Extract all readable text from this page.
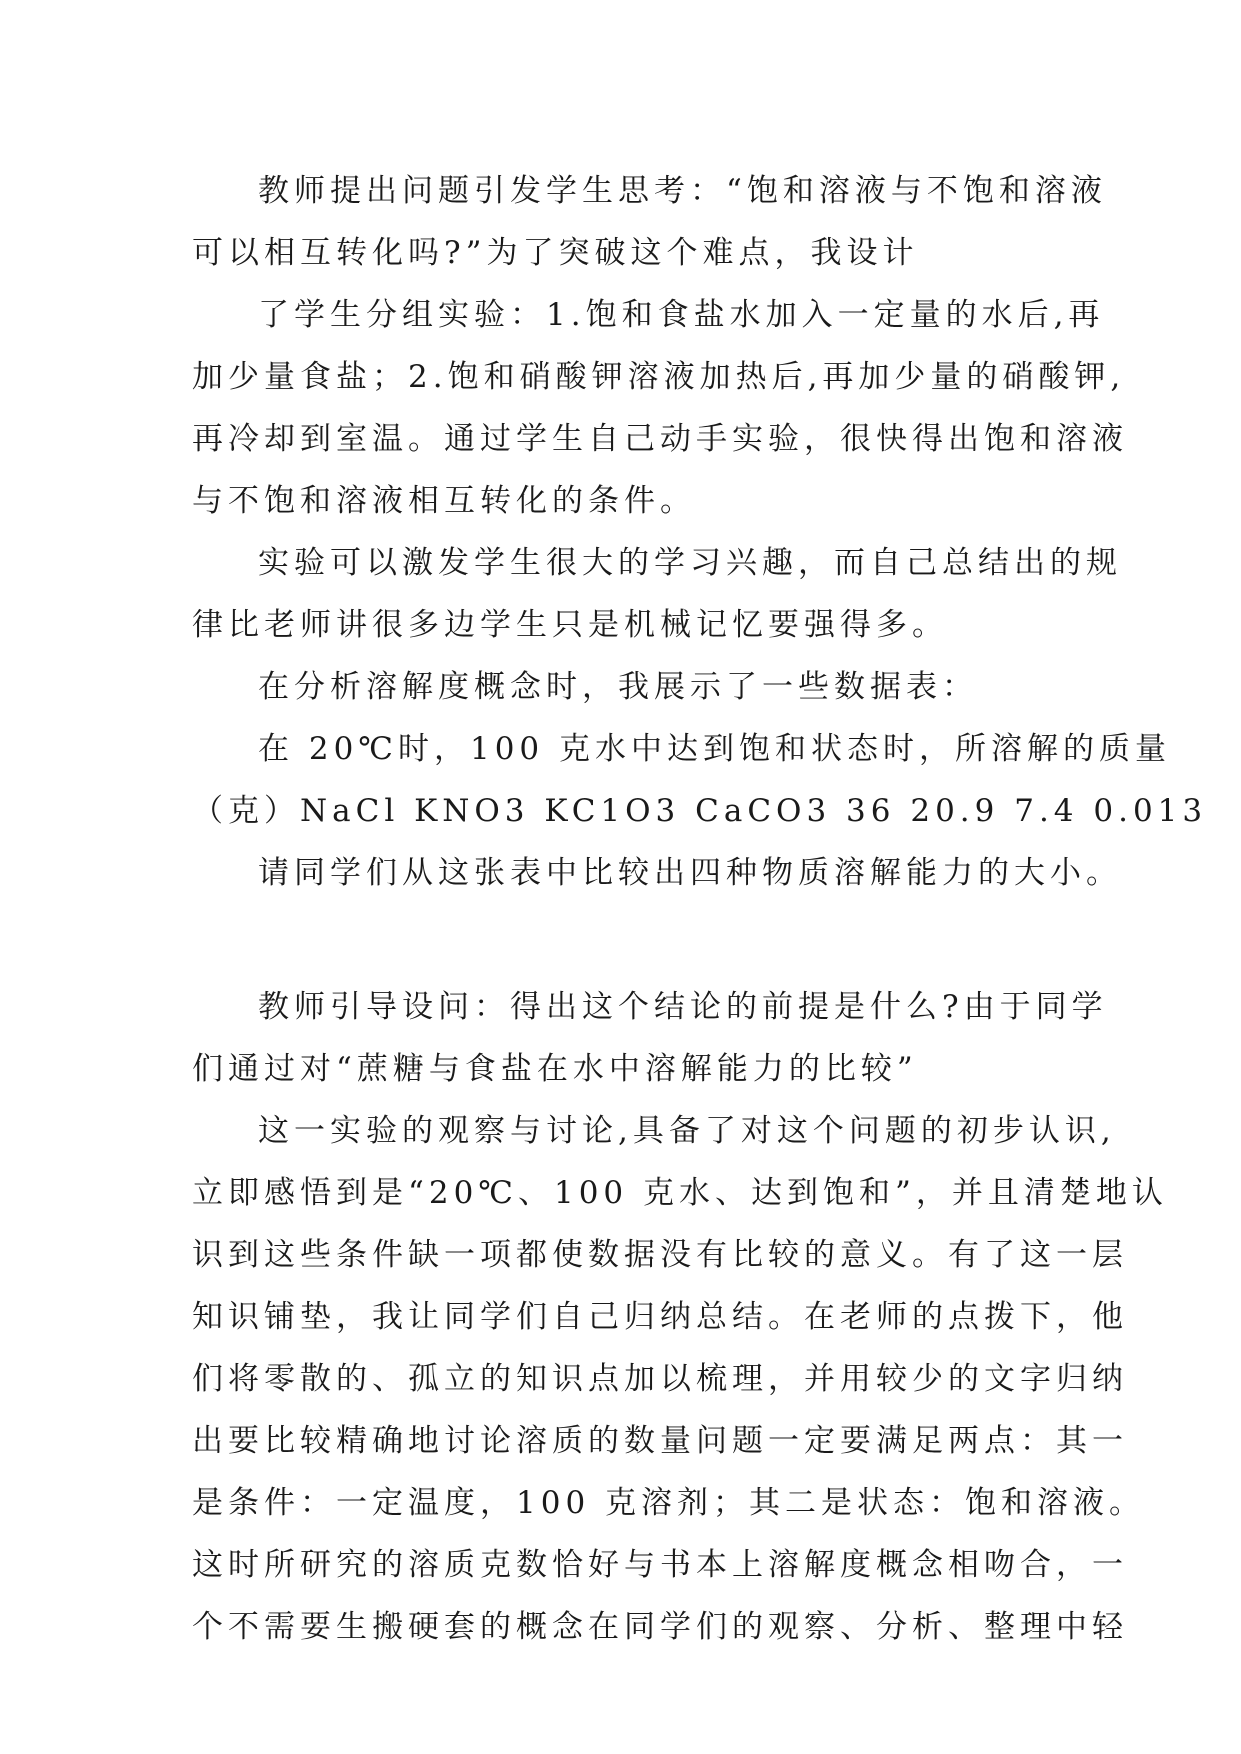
教师提出问题引发学生思考：“饱和溶液与不饱和溶液
可以相互转化吗?”为了突破这个难点，我设计
了学生分组实验：1.饱和食盐水加入一定量的水后,再
加少量食盐；2.饱和硝酸钾溶液加热后,再加少量的硝酸钾,
再冷却到室温。通过学生自己动手实验，很快得出饱和溶液
与不饱和溶液相互转化的条件。
实验可以激发学生很大的学习兴趣，而自己总结出的规
律比老师讲很多边学生只是机械记忆要强得多。
在分析溶解度概念时，我展示了一些数据表：
在 20℃时，100 克水中达到饱和状态时，所溶解的质量
（克）NaCl KNO3 KC1O3 CaCO3 36 20.9 7.4 0.013
请同学们从这张表中比较出四种物质溶解能力的大小。
教师引导设问：得出这个结论的前提是什么?由于同学
们通过对“蔗糖与食盐在水中溶解能力的比较”
这一实验的观察与讨论,具备了对这个问题的初步认识,
立即感悟到是“20℃、100 克水、达到饱和”，并且清楚地认
识到这些条件缺一项都使数据没有比较的意义。有了这一层
知识铺垫，我让同学们自己归纳总结。在老师的点拨下，他
们将零散的、孤立的知识点加以梳理，并用较少的文字归纳
出要比较精确地讨论溶质的数量问题一定要满足两点：其一
是条件：一定温度，100 克溶剂；其二是状态：饱和溶液。
这时所研究的溶质克数恰好与书本上溶解度概念相吻合，一
个不需要生搬硬套的概念在同学们的观察、分析、整理中轻
